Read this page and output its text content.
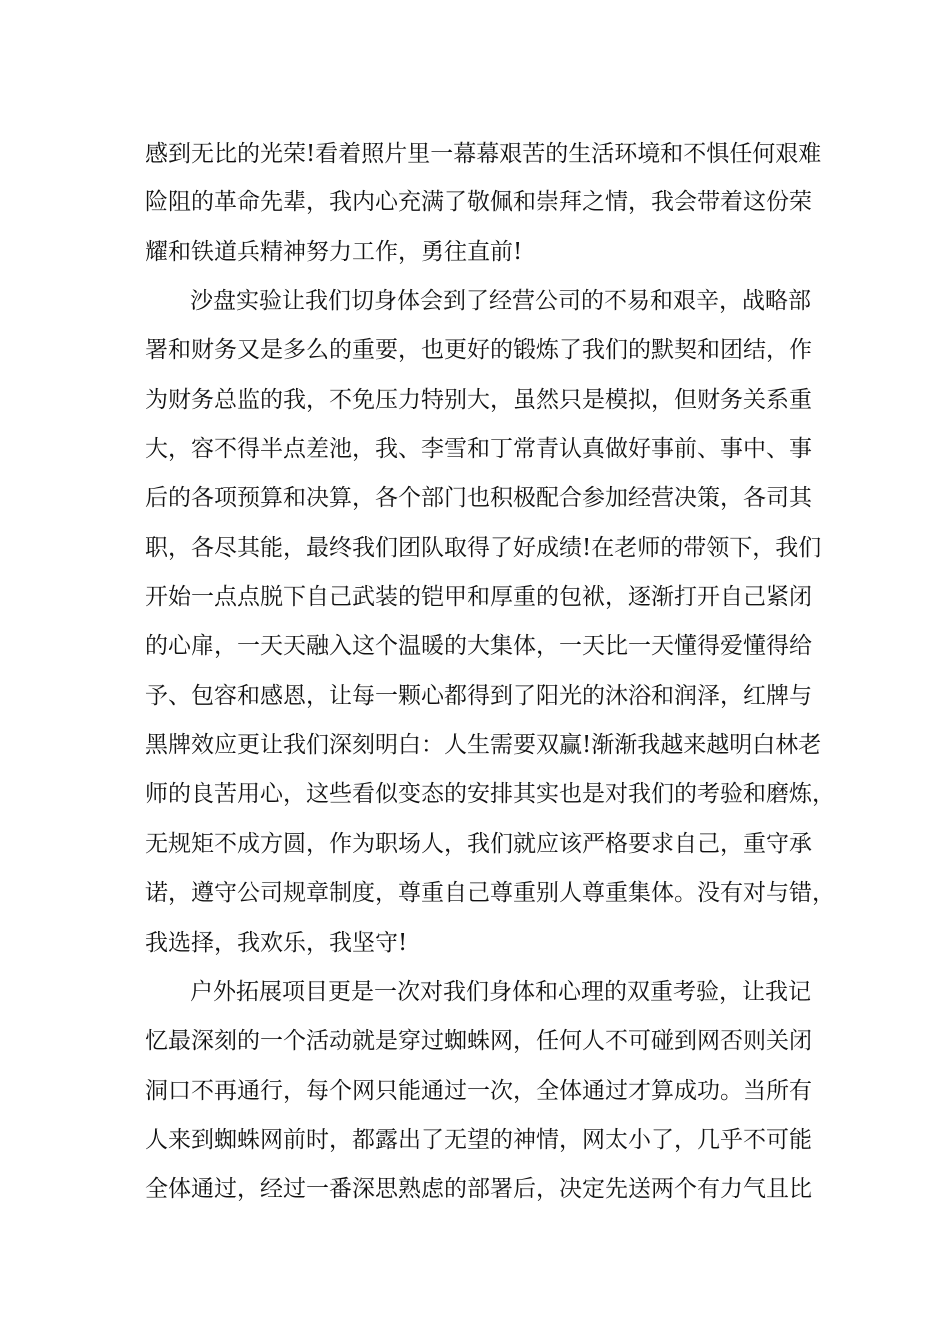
感到无比的光荣!看着照片里一幕幕艰苦的生活环境和不惧任何艰难
险阻的革命先辈，我内心充满了敬佩和崇拜之情，我会带着这份荣
耀和铁道兵精神努力工作，勇往直前!
沙盘实验让我们切身体会到了经营公司的不易和艰辛，战略部
署和财务又是多么的重要，也更好的锻炼了我们的默契和团结，作
为财务总监的我，不免压力特别大，虽然只是模拟，但财务关系重
大，容不得半点差池，我、李雪和丁常青认真做好事前、事中、事
后的各项预算和决算，各个部门也积极配合参加经营决策，各司其
职，各尽其能，最终我们团队取得了好成绩!在老师的带领下，我们
开始一点点脱下自己武装的铠甲和厚重的包袱，逐渐打开自己紧闭
的心扉，一天天融入这个温暖的大集体，一天比一天懂得爱懂得给
予、包容和感恩，让每一颗心都得到了阳光的沐浴和润泽，红牌与
黑牌效应更让我们深刻明白：人生需要双赢!渐渐我越来越明白林老
师的良苦用心，这些看似变态的安排其实也是对我们的考验和磨炼，
无规矩不成方圆，作为职场人，我们就应该严格要求自己，重守承
诺，遵守公司规章制度，尊重自己尊重别人尊重集体。没有对与错，
我选择，我欢乐，我坚守!
户外拓展项目更是一次对我们身体和心理的双重考验，让我记
忆最深刻的一个活动就是穿过蜘蛛网，任何人不可碰到网否则关闭
洞口不再通行，每个网只能通过一次，全体通过才算成功。当所有
人来到蜘蛛网前时，都露出了无望的神情，网太小了，几乎不可能
全体通过，经过一番深思熟虑的部署后，决定先送两个有力气且比
